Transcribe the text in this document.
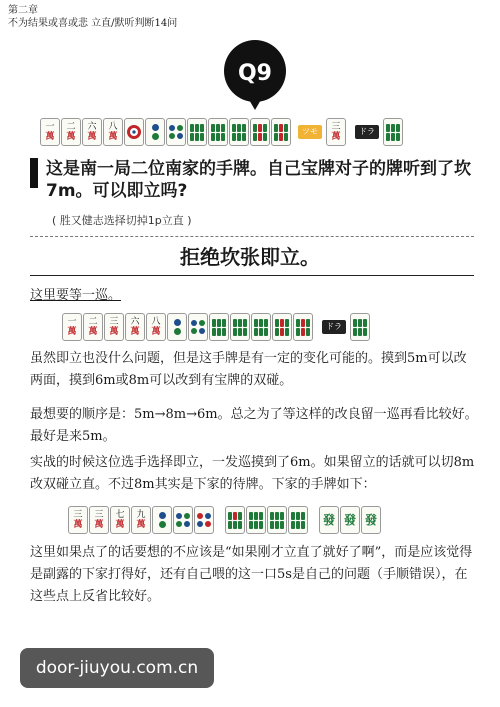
第二章
不为结果或喜或悲 立直/默听判断14问
Q9
一
萬
二
萬
六
萬
八
萬
ツモ	三
萬
ドラ
这是南一局二位南家的手牌。自己宝牌对子的牌听到了坎7m。可以即立吗?
( 胜又健志选择切掉1p立直 )
拒绝坎张即立。
这里要等一巡。
一
萬
二
萬
三
萬
六
萬
八
萬
ドラ
虽然即立也没什么问题，但是这手牌是有一定的变化可能的。摸到5m可以改两面，摸到6m或8m可以改到有宝牌的双碰。
最想要的顺序是：5m→8m→6m。总之为了等这样的改良留一巡再看比较好。最好是来5m。
实战的时候这位选手选择即立，一发巡摸到了6m。如果留立的话就可以切8m改双碰立直。不过8m其实是下家的待牌。下家的手牌如下：
三
萬
三
萬
七
萬
九
萬	發 發 發
这里如果点了的话要想的不应该是“如果刚才立直了就好了啊”，而是应该觉得是副露的下家打得好，还有自己喂的这一口5s是自己的问题（手顺错误），在这些点上反省比较好。
door-jiuyou.com.cn
